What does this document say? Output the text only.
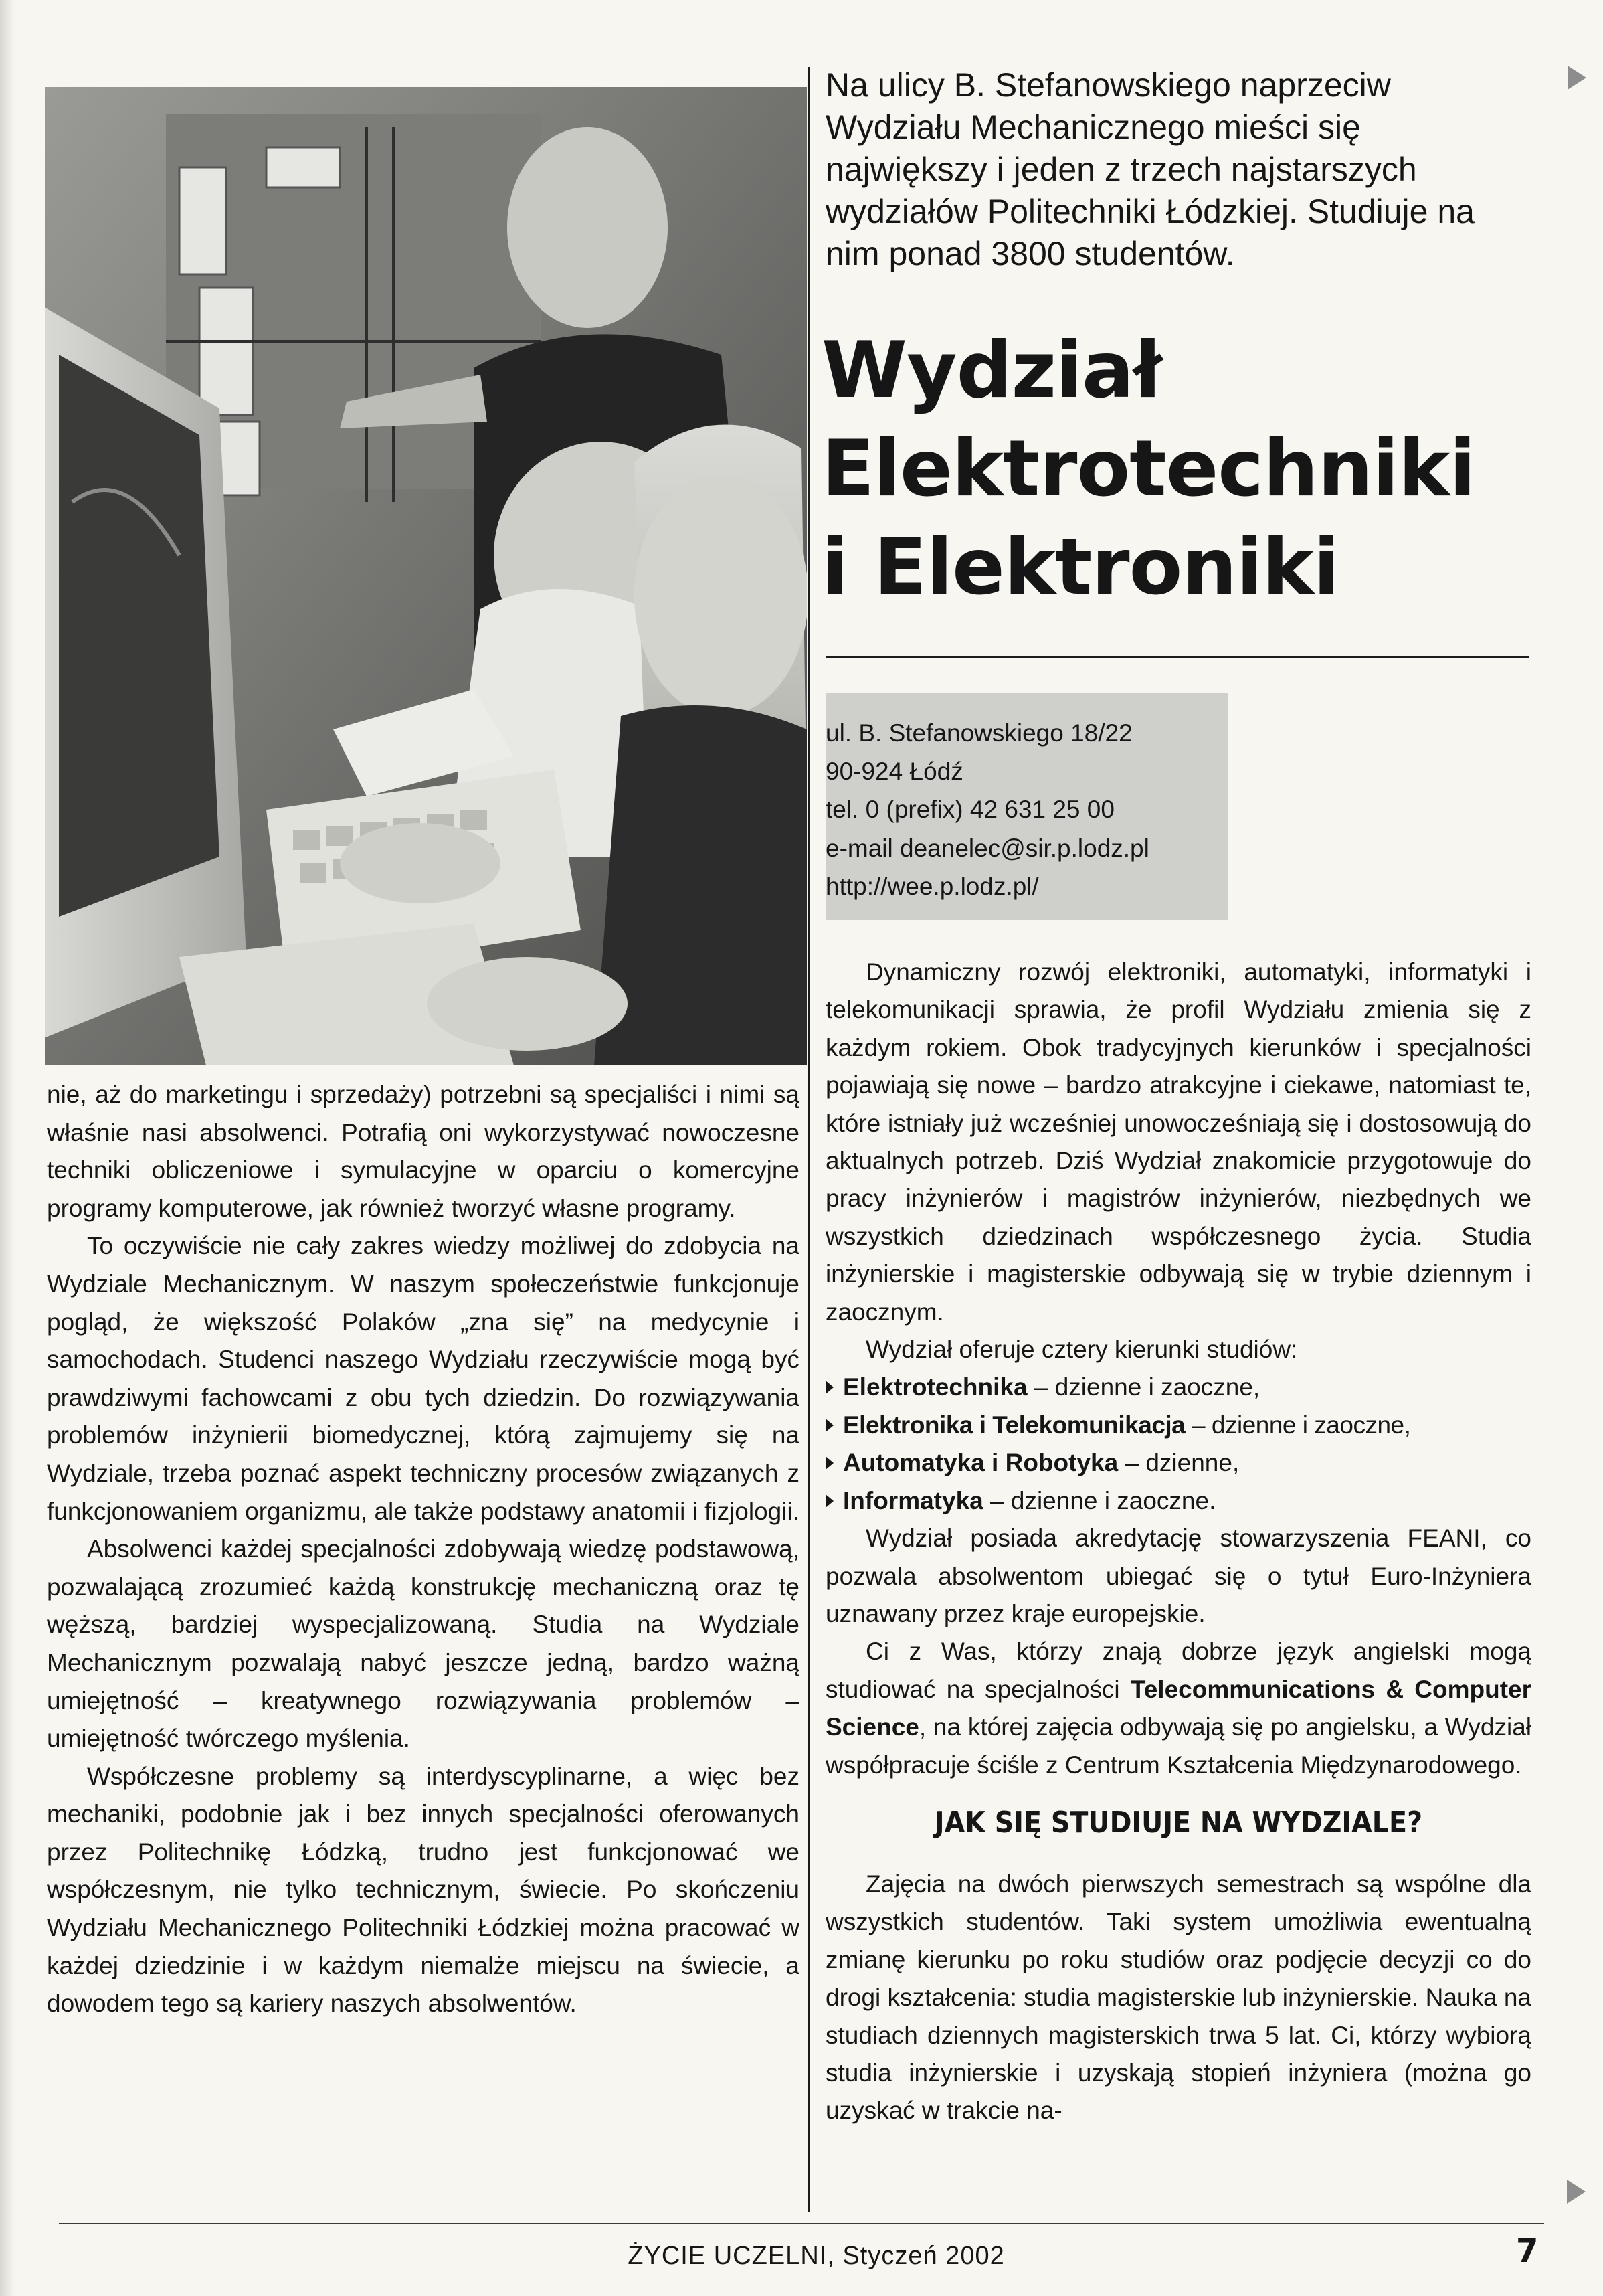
nie, aż do marketingu i sprzedaży) potrzebni są specjaliści i nimi są właśnie nasi absolwenci. Potrafią oni wykorzystywać nowoczesne techniki obliczeniowe i symulacyjne w oparciu o komercyjne programy komputerowe, jak również tworzyć własne programy.

To oczywiście nie cały zakres wiedzy możliwej do zdobycia na Wydziale Mechanicznym. W naszym społeczeństwie funkcjonuje pogląd, że większość Polaków „zna się” na medycynie i samochodach. Studenci naszego Wydziału rzeczywiście mogą być prawdziwymi fachowcami z obu tych dziedzin. Do rozwiązywania problemów inżynierii biomedycznej, którą zajmujemy się na Wydziale, trzeba poznać aspekt techniczny procesów związanych z funkcjonowaniem organizmu, ale także podstawy anatomii i fizjologii.

Absolwenci każdej specjalności zdobywają wiedzę podstawową, pozwalającą zrozumieć każdą konstrukcję mechaniczną oraz tę węższą, bardziej wyspecjalizowaną. Studia na Wydziale Mechanicznym pozwalają nabyć jeszcze jedną, bardzo ważną umiejętność – kreatywnego rozwiązywania problemów – umiejętność twórczego myślenia.

Współczesne problemy są interdyscyplinarne, a więc bez mechaniki, podobnie jak i bez innych specjalności oferowanych przez Politechnikę Łódzką, trudno jest funkcjonować we współczesnym, nie tylko technicznym, świecie. Po skończeniu Wydziału Mechanicznego Politechniki Łódzkiej można pracować w każdej dziedzinie i w każdym niemalże miejscu na świecie, a dowodem tego są kariery naszych absolwentów.

Na ulicy B. Stefanowskiego naprzeciw Wydziału Mechanicznego mieści się największy i jeden z trzech najstarszych wydziałów Politechniki Łódzkiej. Studiuje na nim ponad 3800 studentów.

Wydział
Elektrotechniki
i Elektroniki
ul. B. Stefanowskiego 18/22
90-924 Łódź
tel. 0 (prefix) 42 631 25 00
e-mail deanelec@sir.p.lodz.pl
http://wee.p.lodz.pl/

Dynamiczny rozwój elektroniki, automatyki, informatyki i telekomunikacji sprawia, że profil Wydziału zmienia się z każdym rokiem. Obok tradycyjnych kierunków i specjalności pojawiają się nowe – bardzo atrakcyjne i ciekawe, natomiast te, które istniały już wcześniej unowocześniają się i dostosowują do aktualnych potrzeb. Dziś Wydział znakomicie przygotowuje do pracy inżynierów i magistrów inżynierów, niezbędnych we wszystkich dziedzinach współczesnego życia. Studia inżynierskie i magisterskie odbywają się w trybie dziennym i zaocznym.

Wydział oferuje cztery kierunki studiów:

Elektrotechnika – dzienne i zaoczne,
Elektronika i Telekomunikacja – dzienne i zaoczne,
Automatyka i Robotyka – dzienne,
Informatyka – dzienne i zaoczne.

Wydział posiada akredytację stowarzyszenia FEANI, co pozwala absolwentom ubiegać się o tytuł Euro-Inżyniera uznawany przez kraje europejskie.

Ci z Was, którzy znają dobrze język angielski mogą studiować na specjalności Telecommunications & Computer Science, na której zajęcia odbywają się po angielsku, a Wydział współpracuje ściśle z Centrum Kształcenia Międzynarodowego.

JAK SIĘ STUDIUJE NA WYDZIALE?

Zajęcia na dwóch pierwszych semestrach są wspólne dla wszystkich studentów. Taki system umożliwia ewentualną zmianę kierunku po roku studiów oraz podjęcie decyzji co do drogi kształcenia: studia magisterskie lub inżynierskie. Nauka na studiach dziennych magisterskich trwa 5 lat. Ci, którzy wybiorą studia inżynierskie i uzyskają stopień inżyniera (można go uzyskać w trakcie na-

ŻYCIE UCZELNI, Styczeń 2002	7
